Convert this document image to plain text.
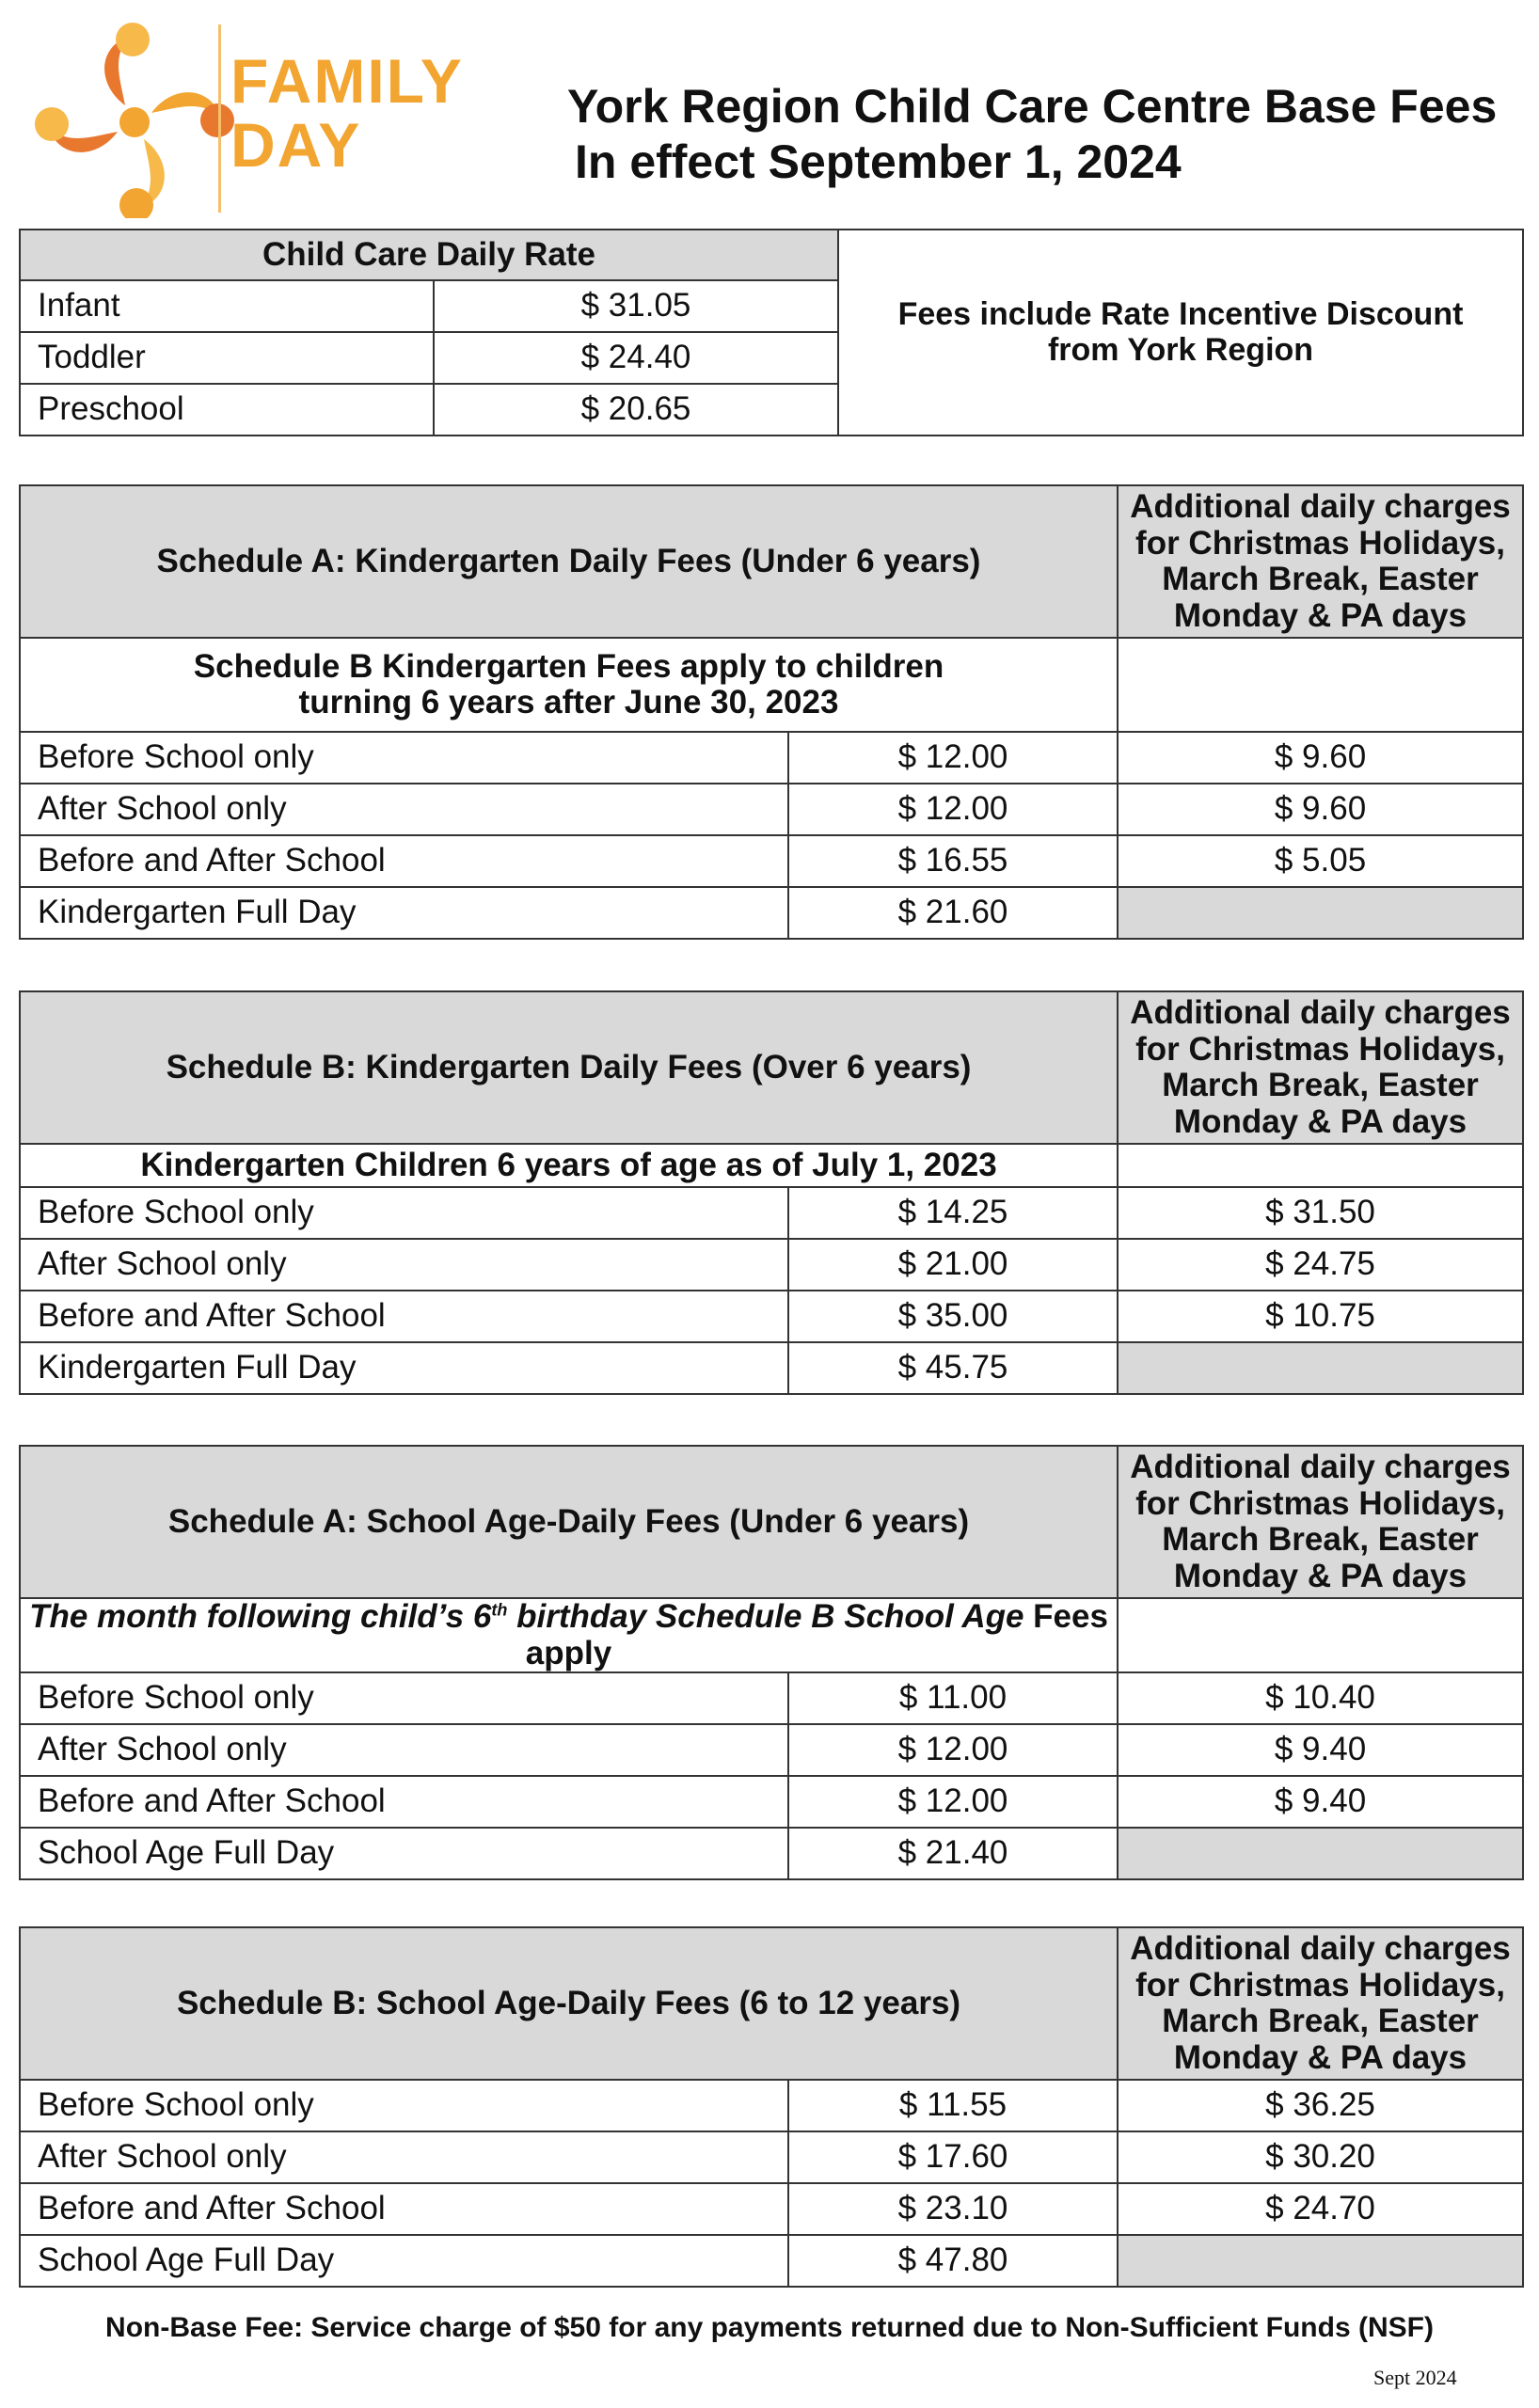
FAMILY
DAY
York Region Child Care Centre Base Fees
In effect September 1, 2024
Child Care Daily Rate		Fees include Rate Incentive Discount
from York Region

Infant	$ 31.05	
Toddler	$ 24.40	
Preschool	$ 20.65	
Schedule A: Kindergarten Daily Fees (Under 6 years)		Additional daily charges
for Christmas Holidays,
March Break, Easter
Monday & PA days

Schedule B Kindergarten Fees apply to children
turning 6 years after June 30, 2023		

Before School only	$ 12.00	$ 9.60
After School only	$ 12.00	$ 9.60
Before and After School	$ 16.55	$ 5.05
Kindergarten Full Day	$ 21.60	
Schedule B: Kindergarten Daily Fees (Over 6 years)		Additional daily charges
for Christmas Holidays,
March Break, Easter
Monday & PA days

Kindergarten Children 6 years of age as of July 1, 2023		
Before School only	$ 14.25	$ 31.50
After School only	$ 21.00	$ 24.75
Before and After School	$ 35.00	$ 10.75
Kindergarten Full Day	$ 45.75	
Schedule A: School Age-Daily Fees (Under 6 years)		Additional daily charges
for Christmas Holidays,
March Break, Easter
Monday & PA days

The month following child’s 6th birthday Schedule B School Age Fees apply		
Before School only	$ 11.00	$ 10.40
After School only	$ 12.00	$ 9.40
Before and After School	$ 12.00	$ 9.40
School Age Full Day	$ 21.40	
Schedule B: School Age-Daily Fees (6 to 12 years)		Additional daily charges
for Christmas Holidays,
March Break, Easter
Monday & PA days

Before School only	$ 11.55	$ 36.25
After School only	$ 17.60	$ 30.20
Before and After School	$ 23.10	$ 24.70
School Age Full Day	$ 47.80	
Non-Base Fee: Service charge of $50 for any payments returned due to Non-Sufficient Funds (NSF)
Sept 2024
